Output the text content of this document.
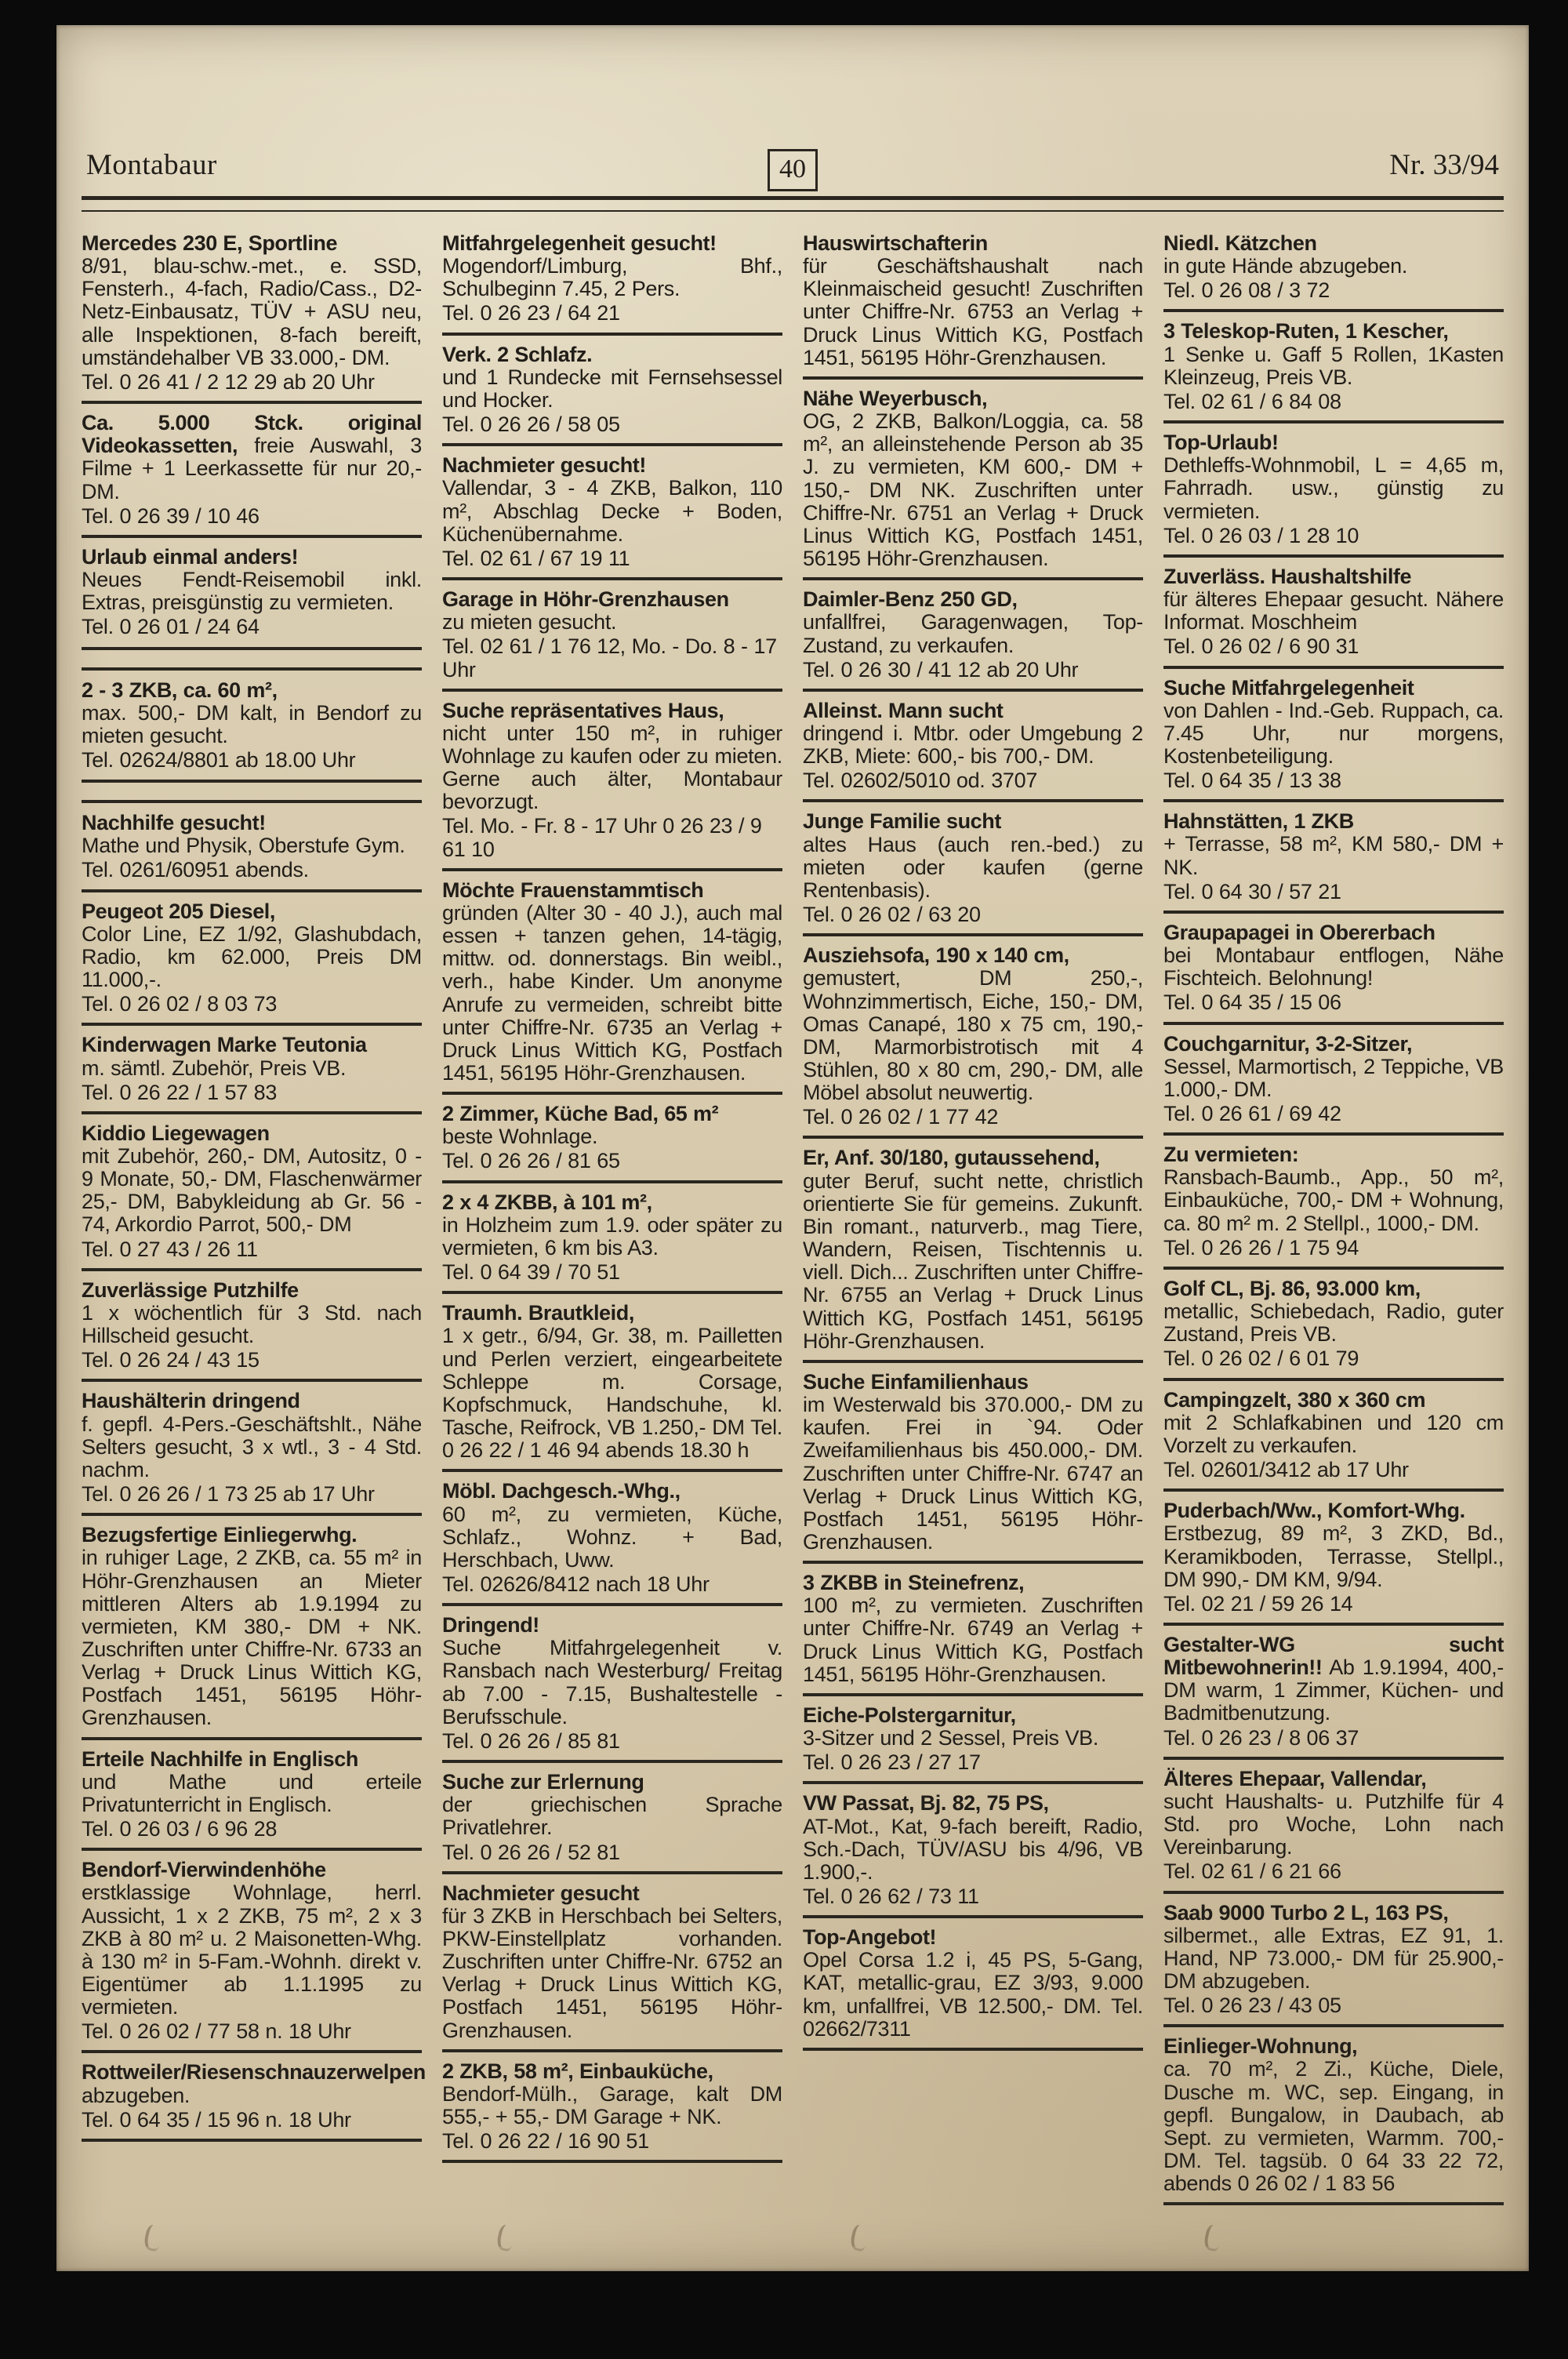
Montabaur	40	Nr. 33/94
Mercedes 230 E, Sportline
8/91, blau-schw.-met., e. SSD, Fensterh., 4-fach, Radio/Cass., D2-Netz-Einbausatz, TÜV + ASU neu, alle Inspektionen, 8-fach bereift, umständehalber VB 33.000,- DM.
Tel. 0 26 41 / 2 12 29 ab 20 Uhr
Ca. 5.000 Stck. original Videokassetten, freie Auswahl, 3 Filme + 1 Leerkassette für nur 20,- DM.
Tel. 0 26 39 / 10 46
Urlaub einmal anders!
Neues Fendt-Reisemobil inkl. Extras, preisgünstig zu vermieten.
Tel. 0 26 01 / 24 64
2 - 3 ZKB, ca. 60 m²,
max. 500,- DM kalt, in Bendorf zu mieten gesucht.
Tel. 02624/8801 ab 18.00 Uhr
Nachhilfe gesucht!
Mathe und Physik, Oberstufe Gym.
Tel. 0261/60951 abends.
Peugeot 205 Diesel,
Color Line, EZ 1/92, Glashubdach, Radio, km 62.000, Preis DM 11.000,-.
Tel. 0 26 02 / 8 03 73
Kinderwagen Marke Teutonia
m. sämtl. Zubehör, Preis VB.
Tel. 0 26 22 / 1 57 83
Kiddio Liegewagen
mit Zubehör, 260,- DM, Autositz, 0 - 9 Monate, 50,- DM, Flaschenwärmer 25,- DM, Babykleidung ab Gr. 56 - 74, Arkordio Parrot, 500,- DM
Tel. 0 27 43 / 26 11
Zuverlässige Putzhilfe
1 x wöchentlich für 3 Std. nach Hillscheid gesucht.
Tel. 0 26 24 / 43 15
Haushälterin dringend
f. gepfl. 4-Pers.-Geschäftshlt., Nähe Selters gesucht, 3 x wtl., 3 - 4 Std. nachm.
Tel. 0 26 26 / 1 73 25 ab 17 Uhr
Bezugsfertige Einliegerwhg.
in ruhiger Lage, 2 ZKB, ca. 55 m² in Höhr-Grenzhausen an Mieter mittleren Alters ab 1.9.1994 zu vermieten, KM 380,- DM + NK. Zuschriften unter Chiffre-Nr. 6733 an Verlag + Druck Linus Wittich KG, Postfach 1451, 56195 Höhr-Grenzhausen.
Erteile Nachhilfe in Englisch
und Mathe und erteile Privatunterricht in Englisch.
Tel. 0 26 03 / 6 96 28
Bendorf-Vierwindenhöhe
erstklassige Wohnlage, herrl. Aussicht, 1 x 2 ZKB, 75 m², 2 x 3 ZKB à 80 m² u. 2 Maisonetten-Whg. à 130 m² in 5-Fam.-Wohnh. direkt v. Eigentümer ab 1.1.1995 zu vermieten.
Tel. 0 26 02 / 77 58 n. 18 Uhr
Rottweiler/Riesenschnauzerwelpen abzugeben.
Tel. 0 64 35 / 15 96 n. 18 Uhr
Mitfahrgelegenheit gesucht!
Mogendorf/Limburg, Bhf., Schulbeginn 7.45, 2 Pers.
Tel. 0 26 23 / 64 21
Verk. 2 Schlafz.
und 1 Rundecke mit Fernsehsessel und Hocker.
Tel. 0 26 26 / 58 05
Nachmieter gesucht!
Vallendar, 3 - 4 ZKB, Balkon, 110 m², Abschlag Decke + Boden, Küchenübernahme.
Tel. 02 61 / 67 19 11
Garage in Höhr-Grenzhausen
zu mieten gesucht.
Tel. 02 61 / 1 76 12, Mo. - Do. 8 - 17 Uhr
Suche repräsentatives Haus,
nicht unter 150 m², in ruhiger Wohnlage zu kaufen oder zu mieten. Gerne auch älter, Montabaur bevorzugt.
Tel. Mo. - Fr. 8 - 17 Uhr 0 26 23 / 9 61 10
Möchte Frauenstammtisch
gründen (Alter 30 - 40 J.), auch mal essen + tanzen gehen, 14-tägig, mittw. od. donnerstags. Bin weibl., verh., habe Kinder. Um anonyme Anrufe zu vermeiden, schreibt bitte unter Chiffre-Nr. 6735 an Verlag + Druck Linus Wittich KG, Postfach 1451, 56195 Höhr-Grenzhausen.
2 Zimmer, Küche Bad, 65 m²
beste Wohnlage.
Tel. 0 26 26 / 81 65
2 x 4 ZKBB, à 101 m²,
in Holzheim zum 1.9. oder später zu vermieten, 6 km bis A3.
Tel. 0 64 39 / 70 51
Traumh. Brautkleid,
1 x getr., 6/94, Gr. 38, m. Pailletten und Perlen verziert, eingearbeitete Schleppe m. Corsage, Kopfschmuck, Handschuhe, kl. Tasche, Reifrock, VB 1.250,- DM Tel. 0 26 22 / 1 46 94 abends 18.30 h
Möbl. Dachgesch.-Whg.,
60 m², zu vermieten, Küche, Schlafz., Wohnz. + Bad, Herschbach, Uww.
Tel. 02626/8412 nach 18 Uhr
Dringend!
Suche Mitfahrgelegenheit v. Ransbach nach Westerburg/ Freitag ab 7.00 - 7.15, Bushaltestelle - Berufsschule.
Tel. 0 26 26 / 85 81
Suche zur Erlernung
der griechischen Sprache Privatlehrer.
Tel. 0 26 26 / 52 81
Nachmieter gesucht
für 3 ZKB in Herschbach bei Selters, PKW-Einstellplatz vorhanden. Zuschriften unter Chiffre-Nr. 6752 an Verlag + Druck Linus Wittich KG, Postfach 1451, 56195 Höhr-Grenzhausen.
2 ZKB, 58 m², Einbauküche,
Bendorf-Mülh., Garage, kalt DM 555,- + 55,- DM Garage + NK.
Tel. 0 26 22 / 16 90 51
Hauswirtschafterin
für Geschäftshaushalt nach Kleinmaischeid gesucht! Zuschriften unter Chiffre-Nr. 6753 an Verlag + Druck Linus Wittich KG, Postfach 1451, 56195 Höhr-Grenzhausen.
Nähe Weyerbusch,
OG, 2 ZKB, Balkon/Loggia, ca. 58 m², an alleinstehende Person ab 35 J. zu vermieten, KM 600,- DM + 150,- DM NK. Zuschriften unter Chiffre-Nr. 6751 an Verlag + Druck Linus Wittich KG, Postfach 1451, 56195 Höhr-Grenzhausen.
Daimler-Benz 250 GD,
unfallfrei, Garagenwagen, Top-Zustand, zu verkaufen.
Tel. 0 26 30 / 41 12 ab 20 Uhr
Alleinst. Mann sucht
dringend i. Mtbr. oder Umgebung 2 ZKB, Miete: 600,- bis 700,- DM.
Tel. 02602/5010 od. 3707
Junge Familie sucht
altes Haus (auch ren.-bed.) zu mieten oder kaufen (gerne Rentenbasis).
Tel. 0 26 02 / 63 20
Ausziehsofa, 190 x 140 cm,
gemustert, DM 250,-, Wohnzimmertisch, Eiche, 150,- DM, Omas Canapé, 180 x 75 cm, 190,- DM, Marmorbistrotisch mit 4 Stühlen, 80 x 80 cm, 290,- DM, alle Möbel absolut neuwertig.
Tel. 0 26 02 / 1 77 42
Er, Anf. 30/180, gutaussehend,
guter Beruf, sucht nette, christlich orientierte Sie für gemeins. Zukunft. Bin romant., naturverb., mag Tiere, Wandern, Reisen, Tischtennis u. viell. Dich... Zuschriften unter Chiffre-Nr. 6755 an Verlag + Druck Linus Wittich KG, Postfach 1451, 56195 Höhr-Grenzhausen.
Suche Einfamilienhaus
im Westerwald bis 370.000,- DM zu kaufen. Frei in `94. Oder Zweifamilienhaus bis 450.000,- DM. Zuschriften unter Chiffre-Nr. 6747 an Verlag + Druck Linus Wittich KG, Postfach 1451, 56195 Höhr-Grenzhausen.
3 ZKBB in Steinefrenz,
100 m², zu vermieten. Zuschriften unter Chiffre-Nr. 6749 an Verlag + Druck Linus Wittich KG, Postfach 1451, 56195 Höhr-Grenzhausen.
Eiche-Polstergarnitur,
3-Sitzer und 2 Sessel, Preis VB.
Tel. 0 26 23 / 27 17
VW Passat, Bj. 82, 75 PS,
AT-Mot., Kat, 9-fach bereift, Radio, Sch.-Dach, TÜV/ASU bis 4/96, VB 1.900,-.
Tel. 0 26 62 / 73 11
Top-Angebot!
Opel Corsa 1.2 i, 45 PS, 5-Gang, KAT, metallic-grau, EZ 3/93, 9.000 km, unfallfrei, VB 12.500,- DM. Tel. 02662/7311
Niedl. Kätzchen
in gute Hände abzugeben.
Tel. 0 26 08 / 3 72
3 Teleskop-Ruten, 1 Kescher,
1 Senke u. Gaff 5 Rollen, 1Kasten Kleinzeug, Preis VB.
Tel. 02 61 / 6 84 08
Top-Urlaub!
Dethleffs-Wohnmobil, L = 4,65 m, Fahrradh. usw., günstig zu vermieten.
Tel. 0 26 03 / 1 28 10
Zuverläss. Haushaltshilfe
für älteres Ehepaar gesucht. Nähere Informat. Moschheim
Tel. 0 26 02 / 6 90 31
Suche Mitfahrgelegenheit
von Dahlen - Ind.-Geb. Ruppach, ca. 7.45 Uhr, nur morgens, Kostenbeteiligung.
Tel. 0 64 35 / 13 38
Hahnstätten, 1 ZKB
+ Terrasse, 58 m², KM 580,- DM + NK.
Tel. 0 64 30 / 57 21
Graupapagei in Obererbach
bei Montabaur entflogen, Nähe Fischteich. Belohnung!
Tel. 0 64 35 / 15 06
Couchgarnitur, 3-2-Sitzer,
Sessel, Marmortisch, 2 Teppiche, VB 1.000,- DM.
Tel. 0 26 61 / 69 42
Zu vermieten:
Ransbach-Baumb., App., 50 m², Einbauküche, 700,- DM + Wohnung, ca. 80 m² m. 2 Stellpl., 1000,- DM.
Tel. 0 26 26 / 1 75 94
Golf CL, Bj. 86, 93.000 km,
metallic, Schiebedach, Radio, guter Zustand, Preis VB.
Tel. 0 26 02 / 6 01 79
Campingzelt, 380 x 360 cm
mit 2 Schlafkabinen und 120 cm Vorzelt zu verkaufen.
Tel. 02601/3412 ab 17 Uhr
Puderbach/Ww., Komfort-Whg.
Erstbezug, 89 m², 3 ZKD, Bd., Keramikboden, Terrasse, Stellpl., DM 990,- DM KM, 9/94.
Tel. 02 21 / 59 26 14
Gestalter-WG sucht Mitbewohnerin!! Ab 1.9.1994, 400,- DM warm, 1 Zimmer, Küchen- und Badmitbenutzung.
Tel. 0 26 23 / 8 06 37
Älteres Ehepaar, Vallendar,
sucht Haushalts- u. Putzhilfe für 4 Std. pro Woche, Lohn nach Vereinbarung.
Tel. 02 61 / 6 21 66
Saab 9000 Turbo 2 L, 163 PS,
silbermet., alle Extras, EZ 91, 1. Hand, NP 73.000,- DM für 25.900,- DM abzugeben.
Tel. 0 26 23 / 43 05
Einlieger-Wohnung,
ca. 70 m², 2 Zi., Küche, Diele, Dusche m. WC, sep. Eingang, in gepfl. Bungalow, in Daubach, ab Sept. zu vermieten, Warmm. 700,- DM. Tel. tagsüb. 0 64 33 22 72, abends 0 26 02 / 1 83 56
